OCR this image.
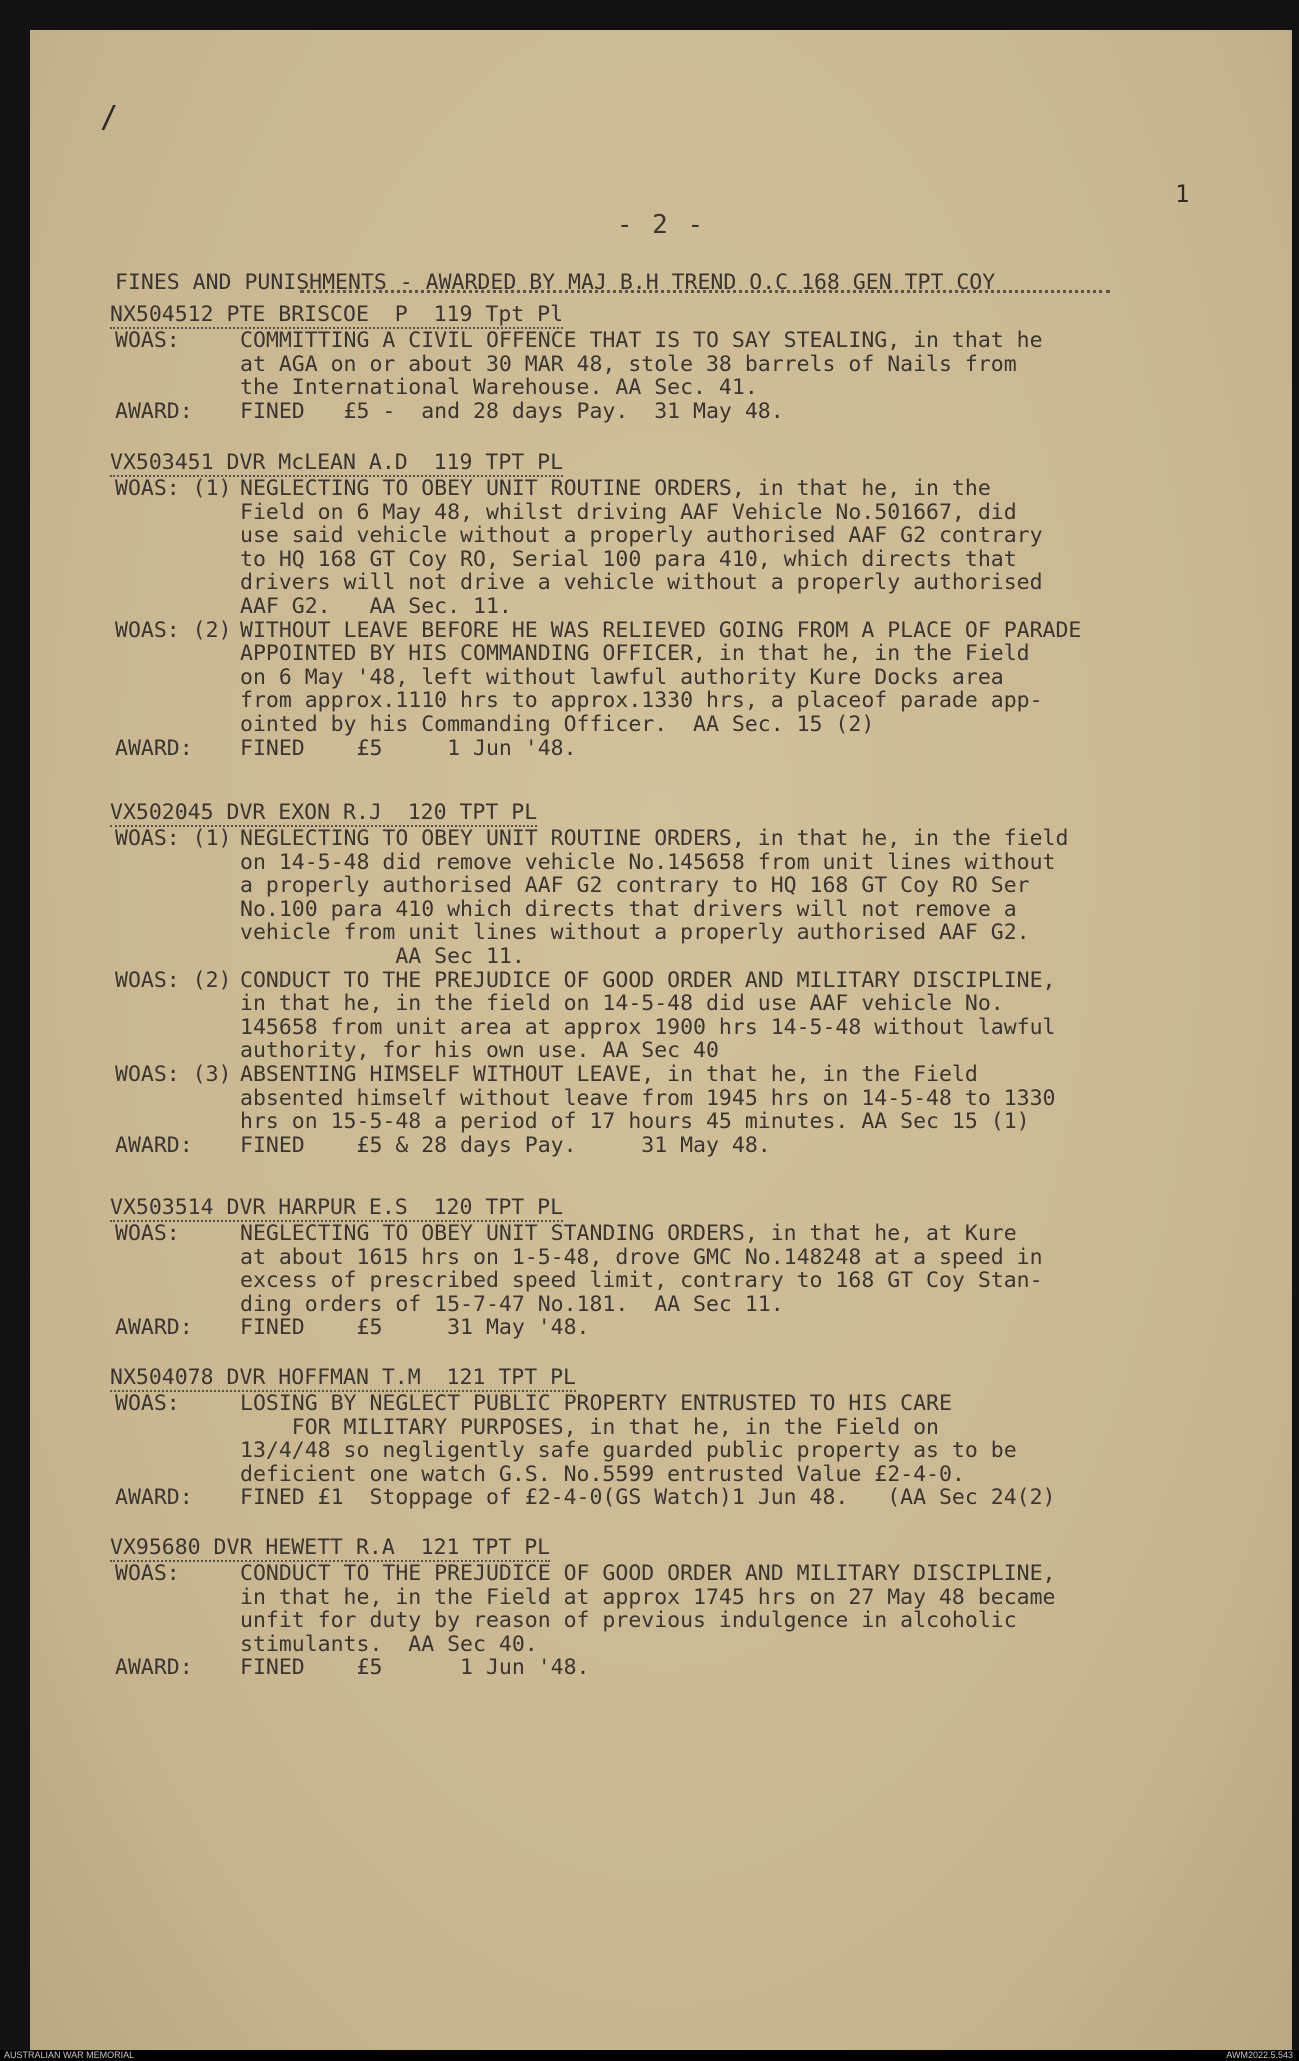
/
1
- 2 -
FINES AND PUNISHMENTS - AWARDED BY MAJ B.H TREND O.C 168 GEN TPT COY
NX504512 PTE BRISCOE  P  119 Tpt Pl
WOAS:	COMMITTING A CIVIL OFFENCE THAT IS TO SAY STEALING, in that he
at AGA on or about 30 MAR 48, stole 38 barrels of Nails from
the International Warehouse. AA Sec. 41.
AWARD: FINED   £5 -  and 28 days Pay.  31 May 48.
VX503451 DVR McLEAN A.D  119 TPT PL
WOAS: (1) NEGLECTING TO OBEY UNIT ROUTINE ORDERS, in that he, in the
Field on 6 May 48, whilst driving AAF Vehicle No.501667, did
use said vehicle without a properly authorised AAF G2 contrary
to HQ 168 GT Coy RO, Serial 100 para 410, which directs that
drivers will not drive a vehicle without a properly authorised
AAF G2.   AA Sec. 11.
WOAS: (2) WITHOUT LEAVE BEFORE HE WAS RELIEVED GOING FROM A PLACE OF PARADE
APPOINTED BY HIS COMMANDING OFFICER, in that he, in the Field
on 6 May '48, left without lawful authority Kure Docks area
from approx.1110 hrs to approx.1330 hrs, a placeof parade app-
ointed by his Commanding Officer.  AA Sec. 15 (2)
AWARD: FINED    £5     1 Jun '48.
VX502045 DVR EXON R.J  120 TPT PL
WOAS: (1) NEGLECTING TO OBEY UNIT ROUTINE ORDERS, in that he, in the field
on 14-5-48 did remove vehicle No.145658 from unit lines without
a properly authorised AAF G2 contrary to HQ 168 GT Coy RO Ser
No.100 para 410 which directs that drivers will not remove a
vehicle from unit lines without a properly authorised AAF G2.
AA Sec 11.
WOAS: (2) CONDUCT TO THE PREJUDICE OF GOOD ORDER AND MILITARY DISCIPLINE,
in that he, in the field on 14-5-48 did use AAF vehicle No.
145658 from unit area at approx 1900 hrs 14-5-48 without lawful
authority, for his own use. AA Sec 40
WOAS: (3) ABSENTING HIMSELF WITHOUT LEAVE, in that he, in the Field
absented himself without leave from 1945 hrs on 14-5-48 to 1330
hrs on 15-5-48 a period of 17 hours 45 minutes. AA Sec 15 (1)
AWARD: FINED    £5 & 28 days Pay.     31 May 48.
VX503514 DVR HARPUR E.S  120 TPT PL
WOAS:	NEGLECTING TO OBEY UNIT STANDING ORDERS, in that he, at Kure
at about 1615 hrs on 1-5-48, drove GMC No.148248 at a speed in
excess of prescribed speed limit, contrary to 168 GT Coy Stan-
ding orders of 15-7-47 No.181.  AA Sec 11.
AWARD: FINED    £5     31 May '48.
NX504078 DVR HOFFMAN T.M  121 TPT PL
WOAS:	LOSING BY NEGLECT PUBLIC PROPERTY ENTRUSTED TO HIS CARE
FOR MILITARY PURPOSES, in that he, in the Field on
13/4/48 so negligently safe guarded public property as to be
deficient one watch G.S. No.5599 entrusted Value £2-4-0.
AWARD: FINED £1  Stoppage of £2-4-0(GS Watch)1 Jun 48.   (AA Sec 24(2)
VX95680 DVR HEWETT R.A  121 TPT PL
WOAS:	CONDUCT TO THE PREJUDICE OF GOOD ORDER AND MILITARY DISCIPLINE,
in that he, in the Field at approx 1745 hrs on 27 May 48 became
unfit for duty by reason of previous indulgence in alcoholic
stimulants.  AA Sec 40.
AWARD: FINED    £5      1 Jun '48.
AUSTRALIAN WAR MEMORIAL	AWM2022.5.543
